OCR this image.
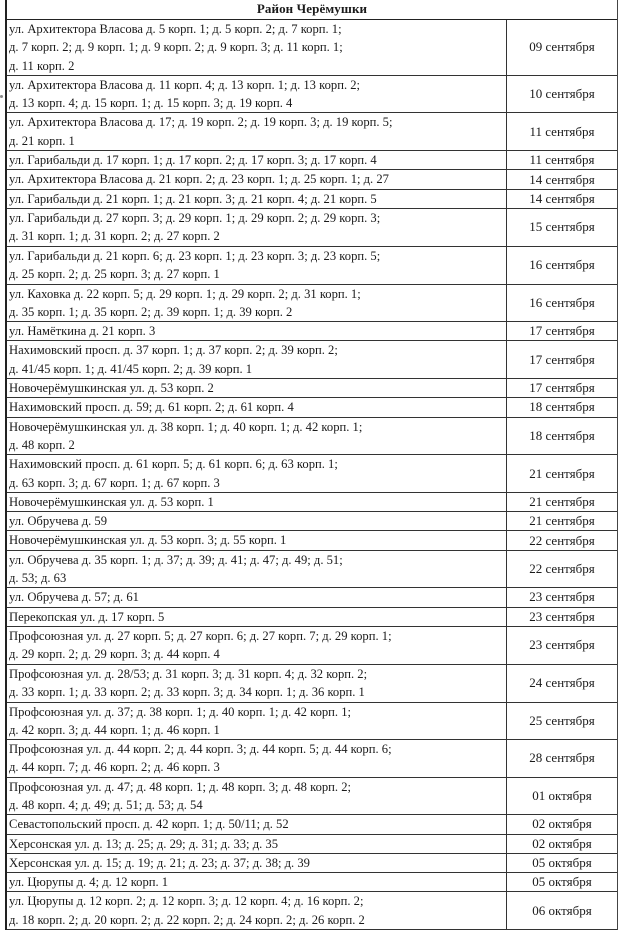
Район Черёмушки
ул. Архитектора Власова д. 5 корп. 1; д. 5 корп. 2; д. 7 корп. 1;
д. 7 корп. 2; д. 9 корп. 1; д. 9 корп. 2; д. 9 корп. 3; д. 11 корп. 1;
д. 11 корп. 2	09 сентября

ул. Архитектора Власова д. 11 корп. 4; д. 13 корп. 1; д. 13 корп. 2;
д. 13 корп. 4; д. 15 корп. 1; д. 15 корп. 3; д. 19 корп. 4	10 сентября

ул. Архитектора Власова д. 17; д. 19 корп. 2; д. 19 корп. 3; д. 19 корп. 5;
д. 21 корп. 1	11 сентября

ул. Гарибальди д. 17 корп. 1; д. 17 корп. 2; д. 17 корп. 3; д. 17 корп. 4	11 сентября

ул. Архитектора Власова д. 21 корп. 2; д. 23 корп. 1; д. 25 корп. 1; д. 27	14 сентября

ул. Гарибальди д. 21 корп. 1; д. 21 корп. 3; д. 21 корп. 4; д. 21 корп. 5	14 сентября

ул. Гарибальди д. 27 корп. 3; д. 29 корп. 1; д. 29 корп. 2; д. 29 корп. 3;
д. 31 корп. 1; д. 31 корп. 2; д. 27 корп. 2	15 сентября

ул. Гарибальди д. 21 корп. 6; д. 23 корп. 1; д. 23 корп. 3; д. 23 корп. 5;
д. 25 корп. 2; д. 25 корп. 3; д. 27 корп. 1	16 сентября

ул. Каховка д. 22 корп. 5; д. 29 корп. 1; д. 29 корп. 2; д. 31 корп. 1;
д. 35 корп. 1; д. 35 корп. 2; д. 39 корп. 1; д. 39 корп. 2	16 сентября

ул. Намёткина д. 21 корп. 3	17 сентября

Нахимовский просп. д. 37 корп. 1; д. 37 корп. 2; д. 39 корп. 2;
д. 41/45 корп. 1; д. 41/45 корп. 2; д. 39 корп. 1	17 сентября

Новочерёмушкинская ул. д. 53 корп. 2	17 сентября

Нахимовский просп. д. 59; д. 61 корп. 2; д. 61 корп. 4	18 сентября

Новочерёмушкинская ул. д. 38 корп. 1; д. 40 корп. 1; д. 42 корп. 1;
д. 48 корп. 2	18 сентября

Нахимовский просп. д. 61 корп. 5; д. 61 корп. 6; д. 63 корп. 1;
д. 63 корп. 3; д. 67 корп. 1; д. 67 корп. 3	21 сентября

Новочерёмушкинская ул. д. 53 корп. 1	21 сентября

ул. Обручева д. 59	21 сентября

Новочерёмушкинская ул. д. 53 корп. 3; д. 55 корп. 1	22 сентября

ул. Обручева д. 35 корп. 1; д. 37; д. 39; д. 41; д. 47; д. 49; д. 51;
д. 53; д. 63	22 сентября

ул. Обручева д. 57; д. 61	23 сентября

Перекопская ул. д. 17 корп. 5	23 сентября

Профсоюзная ул. д. 27 корп. 5; д. 27 корп. 6; д. 27 корп. 7; д. 29 корп. 1;
д. 29 корп. 2; д. 29 корп. 3; д. 44 корп. 4	23 сентября

Профсоюзная ул. д. 28/53; д. 31 корп. 3; д. 31 корп. 4; д. 32 корп. 2;
д. 33 корп. 1; д. 33 корп. 2; д. 33 корп. 3; д. 34 корп. 1; д. 36 корп. 1	24 сентября

Профсоюзная ул. д. 37; д. 38 корп. 1; д. 40 корп. 1; д. 42 корп. 1;
д. 42 корп. 3; д. 44 корп. 1; д. 46 корп. 1	25 сентября

Профсоюзная ул. д. 44 корп. 2; д. 44 корп. 3; д. 44 корп. 5; д. 44 корп. 6;
д. 44 корп. 7; д. 46 корп. 2; д. 46 корп. 3	28 сентября

Профсоюзная ул. д. 47; д. 48 корп. 1; д. 48 корп. 3; д. 48 корп. 2;
д. 48 корп. 4; д. 49; д. 51; д. 53; д. 54	01 октября

Севастопольский просп. д. 42 корп. 1; д. 50/11; д. 52	02 октября

Херсонская ул. д. 13; д. 25; д. 29; д. 31; д. 33; д. 35	02 октября

Херсонская ул. д. 15; д. 19; д. 21; д. 23; д. 37; д. 38; д. 39	05 октября

ул. Цюрупы д. 4; д. 12 корп. 1	05 октября

ул. Цюрупы д. 12 корп. 2; д. 12 корп. 3; д. 12 корп. 4; д. 16 корп. 2;
д. 18 корп. 2; д. 20 корп. 2; д. 22 корп. 2; д. 24 корп. 2; д. 26 корп. 2	06 октября
